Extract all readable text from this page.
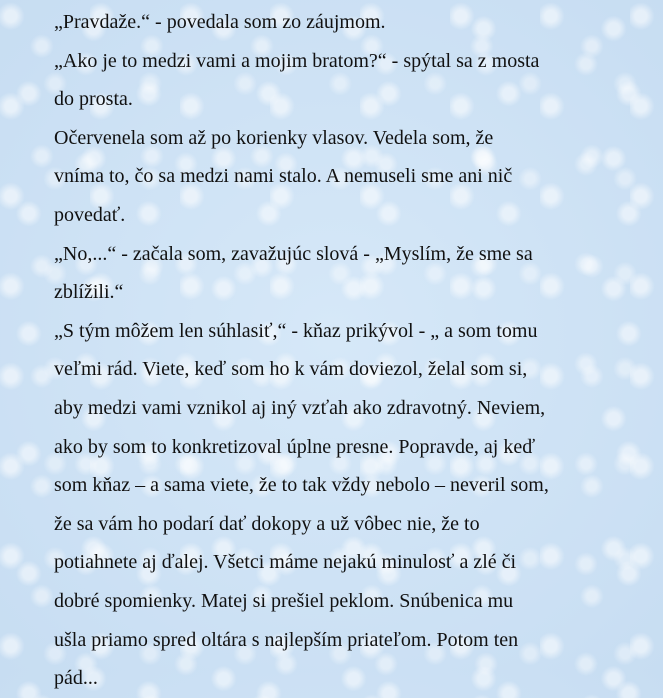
„Pravdaže.“ - povedala som zo záujmom.
„Ako je to medzi vami a mojim bratom?“ - spýtal sa z mosta
do prosta.
Očervenela som až po korienky vlasov. Vedela som, že
vníma to, čo sa medzi nami stalo. A nemuseli sme ani nič
povedať.
„No,...“ - začala som, zavažujúc slová - „Myslím, že sme sa
zblížili.“
„S tým môžem len súhlasiť,“ - kňaz prikývol - „ a som tomu
veľmi rád. Viete, keď som ho k vám doviezol, želal som si,
aby medzi vami vznikol aj iný vzťah ako zdravotný. Neviem,
ako by som to konkretizoval úplne presne. Popravde, aj keď
som kňaz – a sama viete, že to tak vždy nebolo – neveril som,
že sa vám ho podarí dať dokopy a už vôbec nie, že to
potiahnete aj ďalej. Všetci máme nejakú minulosť a zlé či
dobré spomienky. Matej si prešiel peklom. Snúbenica mu
ušla priamo spred oltára s najlepším priateľom. Potom ten
pád...
